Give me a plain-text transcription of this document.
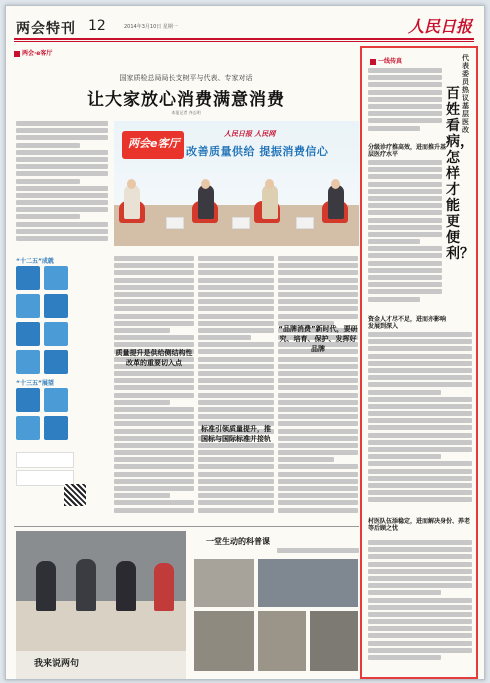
两会特刊 12	2014年3月10日 星期一	人民日报
两会·e客厅
国家质检总局局长支树平与代表、专家对话
让大家放心消费满意消费
本报记者 齐志明
两会e客厅
人民日报 人民网
改善质量供给 提振消费信心
“十二五”成就
“十三五”展望
质量提升是供给侧结构性改革的重要切入点
标准引领质量提升，推国标与国际标准并接轨
“品牌消费”新时代，要研究、培育、保护、发挥好品牌
我来说两句
一堂生动的科普课
一线传真	代表委员热议基层医改
百姓看病，怎样才能更便利？
分级诊疗推高效，进而推升基层医疗水平
资金人才尽不足，进而亦影响发展到深入
村医队伍添稳定，进而解决身份、养老等后顾之忧
